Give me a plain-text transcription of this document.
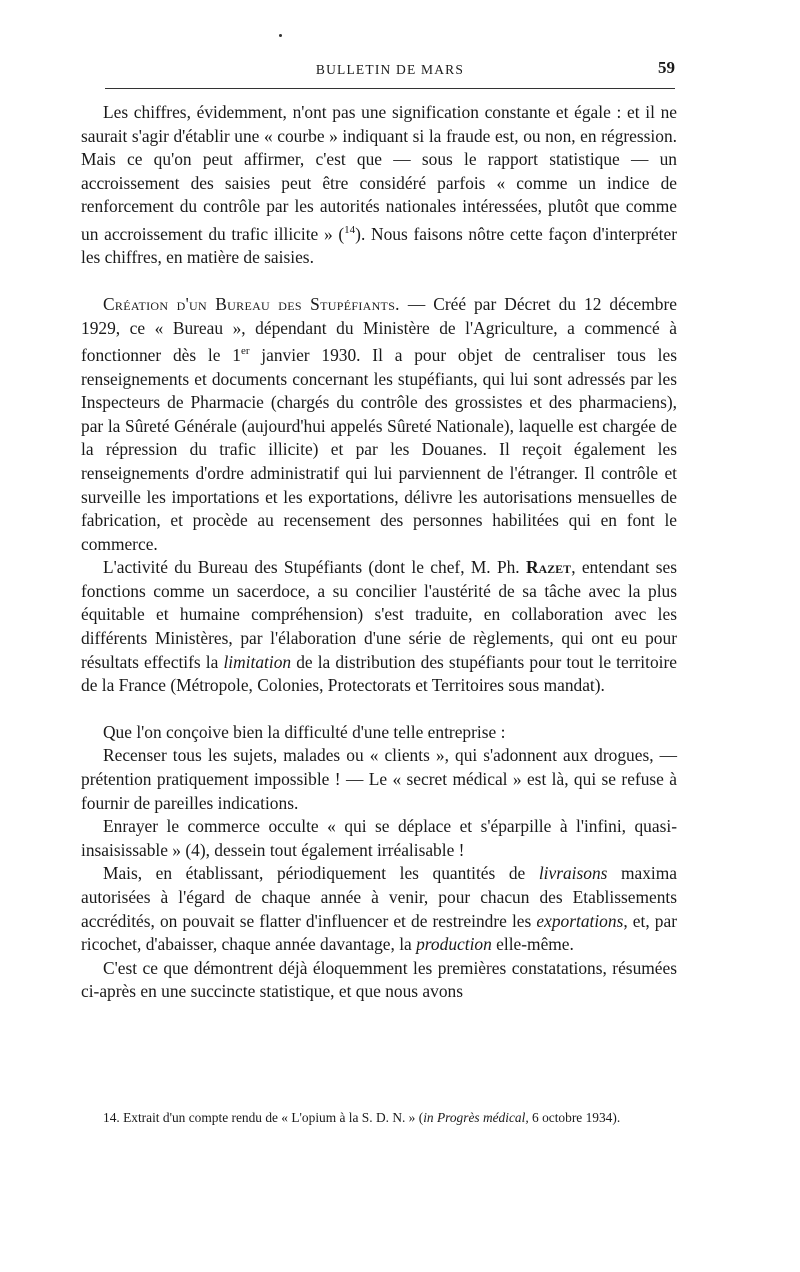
BULLETIN DE MARS	59

Les chiffres, évidemment, n'ont pas une signification constante et égale : et il ne saurait s'agir d'établir une « courbe » indiquant si la fraude est, ou non, en régression. Mais ce qu'on peut affirmer, c'est que — sous le rapport statistique — un accroissement des saisies peut être considéré parfois « comme un indice de renforcement du contrôle par les autorités nationales intéressées, plutôt que comme un accroissement du trafic illicite » ($^{14}$). Nous faisons nôtre cette façon d'interpréter les chiffres, en matière de saisies.

Création d'un Bureau des Stupéfiants. — Créé par Décret du 12 décembre 1929, ce « Bureau », dépendant du Ministère de l'Agriculture, a commencé à fonctionner dès le 1er janvier 1930. Il a pour objet de centraliser tous les renseignements et documents concernant les stupéfiants, qui lui sont adressés par les Inspecteurs de Pharmacie (chargés du contrôle des grossistes et des pharmaciens), par la Sûreté Générale (aujourd'hui appelés Sûreté Nationale), laquelle est chargée de la répression du trafic illicite) et par les Douanes. Il reçoit également les renseignements d'ordre administratif qui lui parviennent de l'étranger. Il contrôle et surveille les importations et les exportations, délivre les autorisations mensuelles de fabrication, et procède au recensement des personnes habilitées qui en font le commerce.

L'activité du Bureau des Stupéfiants (dont le chef, M. Ph. Razet, entendant ses fonctions comme un sacerdoce, a su concilier l'austérité de sa tâche avec la plus équitable et humaine compréhension) s'est traduite, en collaboration avec les différents Ministères, par l'élaboration d'une série de règlements, qui ont eu pour résultats effectifs la limitation de la distribution des stupéfiants pour tout le territoire de la France (Métropole, Colonies, Protectorats et Territoires sous mandat).

Que l'on conçoive bien la difficulté d'une telle entreprise :

Recenser tous les sujets, malades ou « clients », qui s'adonnent aux drogues, — prétention pratiquement impossible ! — Le « secret médical » est là, qui se refuse à fournir de pareilles indications.

Enrayer le commerce occulte « qui se déplace et s'éparpille à l'infini, quasi-insaisissable » (4), dessein tout également irréalisable !

Mais, en établissant, périodiquement les quantités de livraisons maxima autorisées à l'égard de chaque année à venir, pour chacun des Etablissements accrédités, on pouvait se flatter d'influencer et de restreindre les exportations, et, par ricochet, d'abaisser, chaque année davantage, la production elle-même.

C'est ce que démontrent déjà éloquemment les premières constatations, résumées ci-après en une succincte statistique, et que nous avons

14. Extrait d'un compte rendu de « L'opium à la S. D. N. » (in Progrès médical, 6 octobre 1934).
